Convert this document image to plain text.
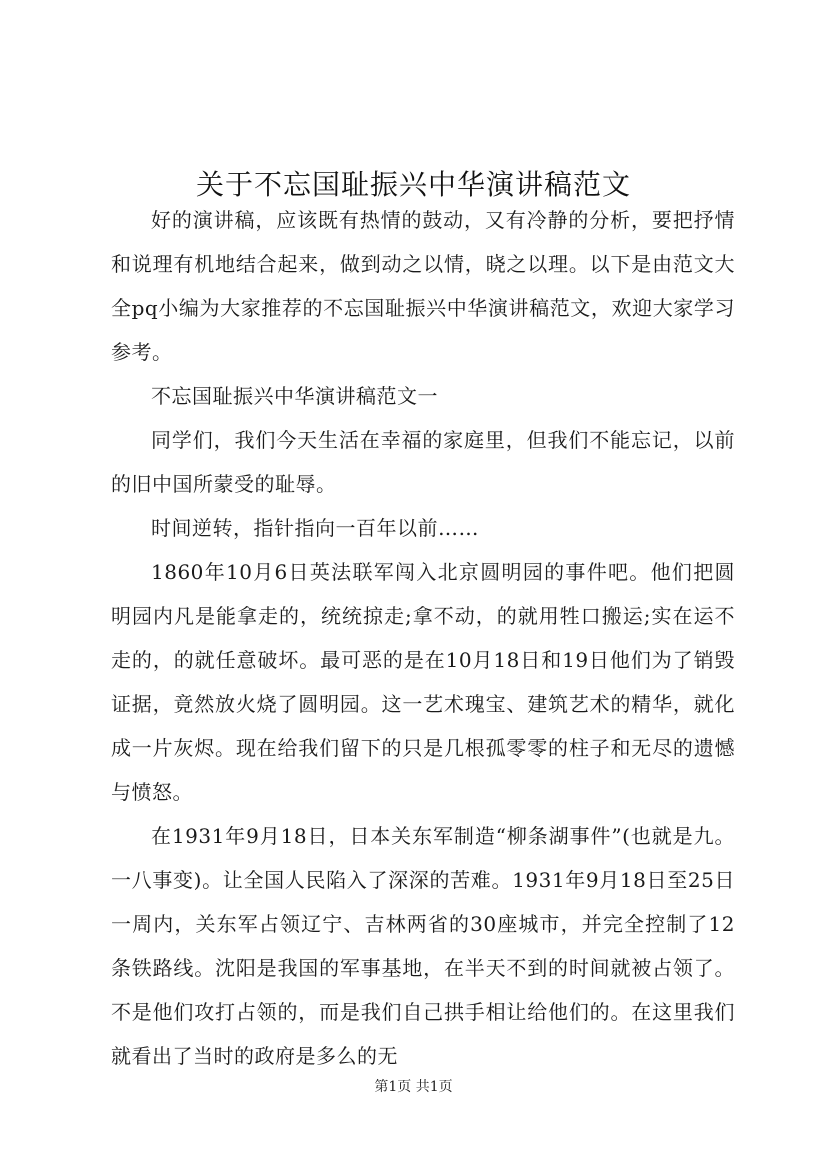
关于不忘国耻振兴中华演讲稿范文

好的演讲稿，应该既有热情的鼓动，又有冷静的分析，要把抒情和说理有机地结合起来，做到动之以情，晓之以理。以下是由范文大全pq小编为大家推荐的不忘国耻振兴中华演讲稿范文，欢迎大家学习参考。

不忘国耻振兴中华演讲稿范文一

同学们，我们今天生活在幸福的家庭里，但我们不能忘记，以前的旧中国所蒙受的耻辱。

时间逆转，指针指向一百年以前……

1860年10月6日英法联军闯入北京圆明园的事件吧。他们把圆明园内凡是能拿走的，统统掠走;拿不动，的就用牲口搬运;实在运不走的，的就任意破坏。最可恶的是在10月18日和19日他们为了销毁证据，竟然放火烧了圆明园。这一艺术瑰宝、建筑艺术的精华，就化成一片灰烬。现在给我们留下的只是几根孤零零的柱子和无尽的遗憾与愤怒。

在1931年9月18日，日本关东军制造“柳条湖事件”(也就是九。一八事变)。让全国人民陷入了深深的苦难。1931年9月18日至25日一周内，关东军占领辽宁、吉林两省的30座城市，并完全控制了12条铁路线。沈阳是我国的军事基地，在半天不到的时间就被占领了。不是他们攻打占领的，而是我们自己拱手相让给他们的。在这里我们就看出了当时的政府是多么的无

第1页 共1页
